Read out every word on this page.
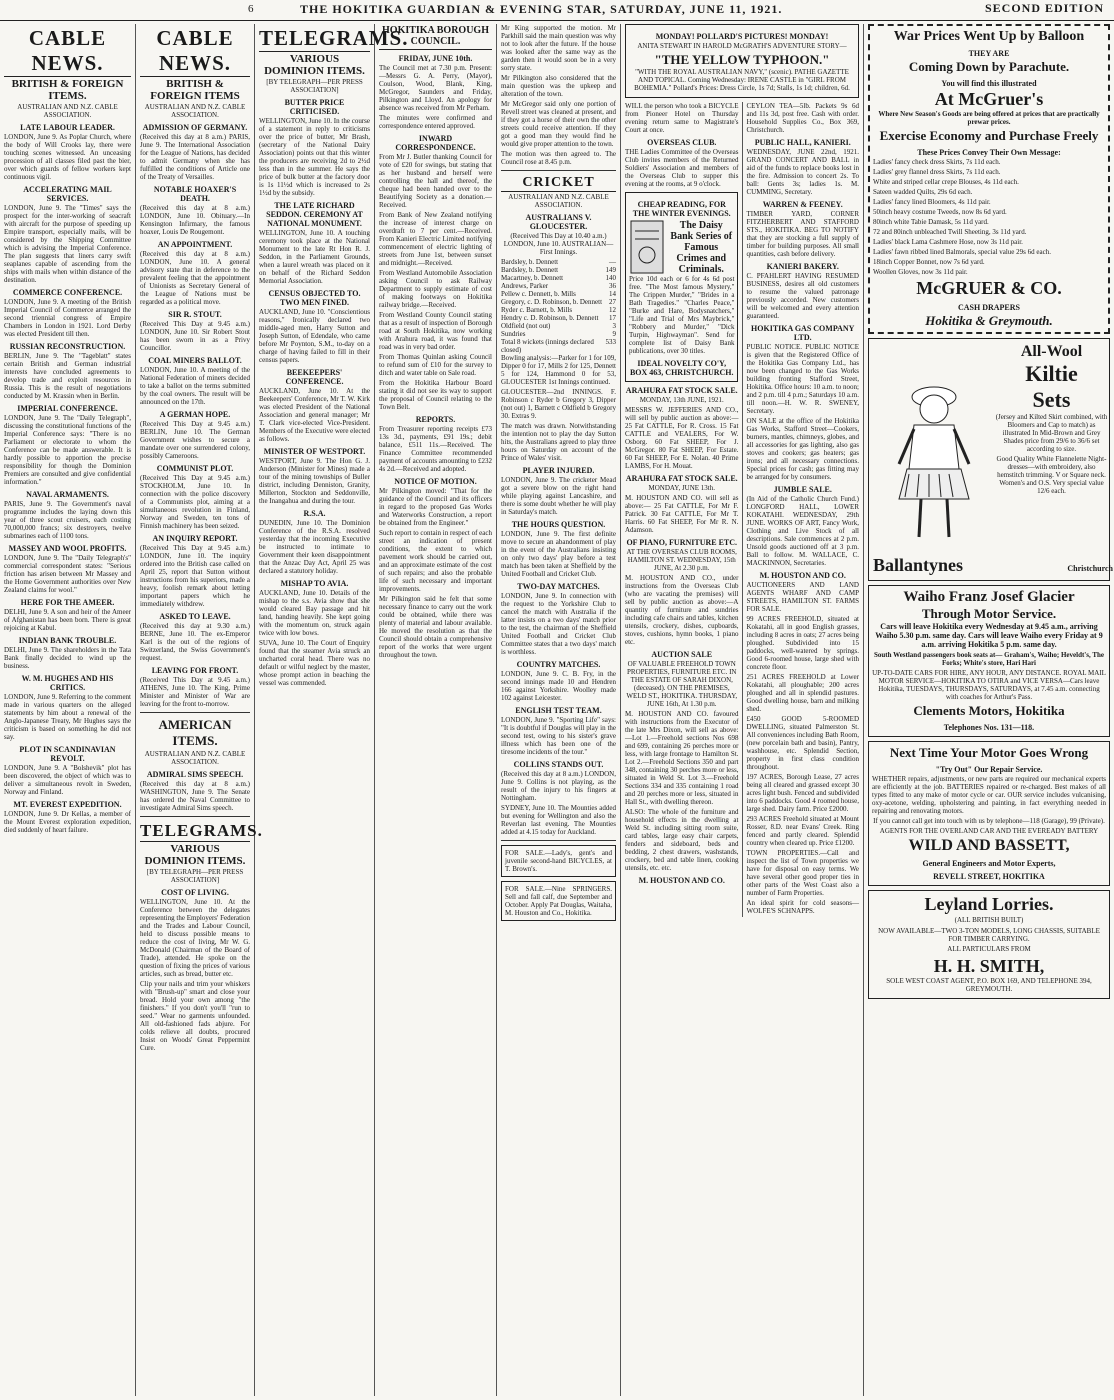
6	THE HOKITIKA GUARDIAN & EVENING STAR, SATURDAY, JUNE 11, 1921.	SECOND EDITION
CABLE NEWS.
BRITISH & FOREIGN ITEMS.
AUSTRALIAN AND N.Z. CABLE ASSOCIATION.
LATE LABOUR LEADER.
LONDON, June 9. As Poplar Church, where the body of Will Crooks lay, there were touching scenes witnessed. An unceasing procession of all classes filed past the bier, over which guards of fellow workers kept continuous vigil.
ACCELERATING MAIL SERVICES.
LONDON, June 9. The "Times" says the prospect for the inter-working of seacraft with aircraft for the purpose of speeding up Empire transport, especially mails, will be considered by the Shipping Committee which is advising the Imperial Conference. The plan suggests that liners carry swift seaplanes capable of ascending from the ships with mails when within distance of the destination.
COMMERCE CONFERENCE.
LONDON, June 9. A meeting of the British Imperial Council of Commerce arranged the second triennial congress of Empire Chambers in London in 1921. Lord Derby was elected President till then.
RUSSIAN RECONSTRUCTION.
BERLIN, June 9. The "Tageblatt" states certain British and German industrial interests have concluded agreements to develop trade and exploit resources in Russia. This is the result of negotiations conducted by M. Krassin when in Berlin.
IMPERIAL CONFERENCE.
LONDON, June 9. The "Daily Telegraph", discussing the constitutional functions of the Imperial Conference says: "There is no Parliament or electorate to whom the Conference can be made answerable. It is hardly possible to apportion the precise responsibility for though the Dominion Premiers are consulted and give confidential information."
NAVAL ARMAMENTS.
PARIS, June 9. The Government's naval programme includes the laying down this year of three scout cruisers, each costing 70,000,000 francs; six destroyers, twelve submarines each of 1100 tons.
MASSEY AND WOOL PROFITS.
LONDON, June 9. The "Daily Telegraph's" commercial correspondent states: "Serious friction has arisen between Mr Massey and the Home Government authorities over New Zealand claims for wool."
HERE FOR THE AMEER.
DELHI, June 9. A son and heir of the Ameer of Afghanistan has been born. There is great rejoicing at Kabul.
INDIAN BANK TROUBLE.
DELHI, June 9. The shareholders in the Tata Bank finally decided to wind up the business.
W. M. HUGHES AND HIS CRITICS.
LONDON, June 9. Referring to the comment made in various quarters on the alleged statements by him about a renewal of the Anglo-Japanese Treaty, Mr Hughes says the criticism is based on something he did not say.
PLOT IN SCANDINAVIAN REVOLT.
LONDON, June 9. A "Bolshevik" plot has been discovered, the object of which was to deliver a simultaneous revolt in Sweden, Norway and Finland.
MT. EVEREST EXPEDITION.
LONDON, June 9. Dr Kellas, a member of the Mount Everest exploration expedition, died suddenly of heart failure.
CABLE NEWS.
BRITISH & FOREIGN ITEMS
AUSTRALIAN AND N.Z. CABLE ASSOCIATION.
ADMISSION OF GERMANY.
(Received this day at 8 a.m.) PARIS, June 9. The International Association for the League of Nations, has decided to admit Germany when she has fulfilled the conditions of Article one of the Treaty of Versailles.
NOTABLE HOAXER'S DEATH.
(Received this day at 8 a.m.) LONDON, June 10. Obituary.—In Kensington Infirmary, the famous hoaxer, Louis De Rougemont.
AN APPOINTMENT.
(Received this day at 8 a.m.) LONDON, June 10. A general advisory state that in deference to the prevalent feeling that the appointment of Unionists as Secretary General of the League of Nations must be regarded as a political move.
SIR R. STOUT.
(Received This Day at 9.45 a.m.) LONDON, June 10. Sir Robert Stout has been sworn in as a Privy Councillor.
COAL MINERS BALLOT.
LONDON, June 10. A meeting of the National Federation of miners decided to take a ballot on the terms submitted by the coal owners. The result will be announced on the 17th.
A GERMAN HOPE.
(Received This Day at 9.45 a.m.) BERLIN, June 10. The German Government wishes to secure a mandate over one surrendered colony, possibly Cameroons.
COMMUNIST PLOT.
(Received This Day at 9.45 a.m.) STOCKHOLM, June 10. In connection with the police discovery of a Communists plot, aiming at a simultaneous revolution in Finland, Norway and Sweden, ten tons of Finnish machinery has been seized.
AN INQUIRY REPORT.
(Received This Day at 9.45 a.m.) LONDON, June 10. The inquiry ordered into the British case called on April 25, report that Sutton without instructions from his superiors, made a heavy, foolish remark about letting important papers which he immediately withdrew.
ASKED TO LEAVE.
(Received this day at 9.30 a.m.) BERNE, June 10. The ex-Emperor Karl is the out of the regions of Switzerland, the Swiss Government's request.
LEAVING FOR FRONT.
(Received This Day at 9.45 a.m.) ATHENS, June 10. The King, Prime Minister and Minister of War are leaving for the front to-morrow.
AMERICAN ITEMS.
AUSTRALIAN AND N.Z. CABLE ASSOCIATION.
ADMIRAL SIMS SPEECH.
(Received this day at 8 a.m.) WASHINGTON, June 9. The Senate has ordered the Naval Committee to investigate Admiral Sims speech.
TELEGRAMS.
VARIOUS DOMINION ITEMS.
[BY TELEGRAPH—PER PRESS ASSOCIATION]
COST OF LIVING.
WELLINGTON, June 10. At the Conference between the delegates representing the Employers' Federation and the Trades and Labour Council, held to discuss possible means to reduce the cost of living, Mr W. G. McDonald (Chairman of the Board of Trade), attended. He spoke on the question of fixing the prices of various articles, such as bread, butter etc.
Clip your nails and trim your whiskers with "Brush-up" smart and close your bread. Hold your own among "the finishers." If you don't you'll "run to seed." Wear no garments unfounded. All old-fashioned fads abjure. For colds relieve all doubts, procured Insist on Woods' Great Peppermint Cure.
TELEGRAMS.
VARIOUS DOMINION ITEMS.
[BY TELEGRAPH—PER PRESS ASSOCIATION]
BUTTER PRICE CRITICISED.
WELLINGTON, June 10. In the course of a statement in reply to criticisms over the price of butter, Mr Brash, (secretary of the National Dairy Association) points out that this winter the producers are receiving 2d to 2½d less than in the summer. He says the price of bulk butter at the factory door is 1s 11½d which is increased to 2s 1½d by the subsidy.
THE LATE RICHARD SEDDON. CEREMONY AT NATIONAL MONUMENT.
WELLINGTON, June 10. A touching ceremony took place at the National Monument to the late Rt Hon R. J. Seddon, in the Parliament Grounds, when a laurel wreath was placed on it on behalf of the Richard Seddon Memorial Association.
CENSUS OBJECTED TO. TWO MEN FINED.
AUCKLAND, June 10. "Conscientious reasons," Ironically declared two middle-aged men, Harry Sutton and Joseph Sutton, of Edendale, who came before Mr Poynton, S.M., to-day on a charge of having failed to fill in their census papers.
BEEKEEPERS' CONFERENCE.
AUCKLAND, June 10. At the Beekeepers' Conference, Mr T. W. Kirk was elected President of the National Association and general manager; Mr T. Clark vice-elected Vice-President. Members of the Executive were elected as follows.
MINISTER OF WESTPORT.
WESTPORT, June 9. The Hon G. J. Anderson (Minister for Mines) made a tour of the mining townships of Buller district, including Denniston, Granity, Millerton, Stockton and Seddonville, the Inangahua and during the tour.
R.S.A.
DUNEDIN, June 10. The Dominion Conference of the R.S.A. resolved yesterday that the incoming Executive be instructed to intimate to Government their keen disappointment that the Anzac Day Act, April 25 was declared a statutory holiday.
MISHAP TO AVIA.
AUCKLAND, June 10. Details of the mishap to the s.s. Avia show that she would cleared Bay passage and hit land, handing heavily. She kept going with the momentum on, struck again twice with low bows.
SUVA, June 10. The Court of Enquiry found that the steamer Avia struck an uncharted coral head. There was no default or wilful neglect by the master, whose prompt action in beaching the vessel was commended.
HOKITIKA BOROUGH COUNCIL.
FRIDAY, JUNE 10th.
The Council met at 7.30 p.m. Present:—Messrs G. A. Perry, (Mayor), Coulson, Wood, Blank, King, McGregor, Saunders and Friday, Pilkington and Lloyd. An apology for absence was received from Mr Perham.
The minutes were confirmed and correspondence entered approved.
INWARD CORRESPONDENCE.
From Mr J. Butler thanking Council for vote of £20 for swings, but stating that as her husband and herself were controlling the hall and thereof, the cheque had been handed over to the Beautifying Society as a donation.—Received.
From Bank of New Zealand notifying the increase of interest charge on overdraft to 7 per cent.—Received. From Kanieri Electric Limited notifying commencement of electric lighting of streets from June 1st, between sunset and midnight.—Received.
From Westland Automobile Association asking Council to ask Railway Department to supply estimate of cost of making footways on Hokitika railway bridge.—Received.
From Westland County Council stating that as a result of inspection of Borough road at South Hokitika, now working with Arahura road, it was found that road was in very bad order.
From Thomas Quinlan asking Council to refund sum of £10 for the survey to ditch and water table on Sale road.
From the Hokitika Harbour Board stating it did not see its way to support the proposal of Council relating to the Town Belt.
REPORTS.
From Treasurer reporting receipts £73 13s 3d., payments, £91 19s.; debit balance, £511 11s.—Received. The Finance Committee recommended payment of accounts amounting to £232 4s 2d.—Received and adopted.
NOTICE OF MOTION.
Mr Pilkington moved: "That for the guidance of the Council and its officers in regard to the proposed Gas Works and Waterworks Construction, a report be obtained from the Engineer."
Such report to contain in respect of each street an indication of present conditions, the extent to which pavement work should be carried out, and an approximate estimate of the cost of such repairs; and also the probable life of such necessary and important improvements.
Mr Pilkington said he felt that some necessary finance to carry out the work could be obtained, while there was plenty of material and labour available. He moved the resolution as that the Council should obtain a comprehensive report of the works that were urgent throughout the town.
Mr King supported the motion. Mr Parkhill said the main question was why not to look after the future. If the house was looked after the same way as the garden then it would soon be in a very sorry state.
Mr Pilkington also considered that the main question was the upkeep and alteration of the town.
Mr McGregor said only one portion of Revell street was cleaned at present, and if they got a horse of their own the other streets could receive attention. If they got a good man they would find he would give proper attention to the town.
The motion was then agreed to. The Council rose at 8.45 p.m.
CRICKET
AUSTRALIAN AND N.Z. CABLE ASSOCIATION.
AUSTRALIANS V. GLOUCESTER.
(Received This Day at 10.40 a.m.) LONDON, June 10. AUSTRALIAN—First Innings.
Bardsley, b. Dennett	—
Bardsley, b. Dennett	149
Macartney, b. Dennett	140
Andrews, Parker	36
Pellew c. Dennett, b. Mills	14
Gregory, c. D. Robinson, b. Dennett 27
Ryder c. Barnett, b. Mills	12
Hendry c. D. Robinson, b. Dennett 17
Oldfield (not out)	3
Sundries	9
Total 8 wickets (innings declared closed)
533
Bowling analysis:—Parker for 1 for 109, Dipper 0 for 17, Mills 2 for 125, Dennett 5 for 124, Hammond 0 for 53, GLOUCESTER 1st Innings continued.
GLOUCESTER—2nd INNINGS. F. Robinson c Ryder b Gregory 3, Dipper (not out) 1, Barnett c Oldfield b Gregory 30. Extras 9.
The match was drawn. Notwithstanding the intention not to play the day Sutton hits, the Australians agreed to play three hours on Saturday on account of the Prince of Wales' visit.
PLAYER INJURED.
LONDON, June 9. The cricketer Mead got a severe blow on the right hand while playing against Lancashire, and there is some doubt whether he will play in Saturday's match.
THE HOURS QUESTION.
LONDON, June 9. The first definite move to secure an abandonment of play in the event of the Australians insisting on only two days' play before a test match has been taken at Sheffield by the United Football and Cricket Club.
TWO-DAY MATCHES.
LONDON, June 9. In connection with the request to the Yorkshire Club to cancel the match with Australia if the latter insists on a two days' match prior to the test, the chairman of the Sheffield United Football and Cricket Club Committee states that a two days' match is worthless.
COUNTRY MATCHES.
LONDON, June 9. C. B. Fry, in the second innings made 10 and Hendren 166 against Yorkshire. Woolley made 102 against Leicester.
ENGLISH TEST TEAM.
LONDON, June 9. "Sporting Life" says: "It is doubtful if Douglas will play in the second test, owing to his sister's grave illness which has been one of the tiresome incidents of the tour."
COLLINS STANDS OUT.
(Received this day at 8 a.m.) LONDON, June 9. Collins is not playing, as the result of the injury to his fingers at Nottingham.
SYDNEY, June 10. The Mounties added but evening for Wellington and also the Reverlan last evening. The Mounties added at 4.15 today for Auckland.
FOR SALE.—Lady's, gent's and juvenile second-hand BICYCLES, at T. Brown's.
FOR SALE.—Nine SPRINGERS. Sell and fall calf, due September and October. Apply Pat Douglas, Waitaha, M. Houston and Co., Hokitika.
MONDAY! POLLARD'S PICTURES! MONDAY!
ANITA STEWART IN HAROLD McGRATH'S ADVENTURE STORY—
"THE YELLOW TYPHOON."
"WITH THE ROYAL AUSTRALIAN NAVY," (scenic). PATHE GAZETTE AND TOPICAL. Coming Wednesday: IRENE CASTLE in "GIRL FROM BOHEMIA." Pollard's Prices: Dress Circle, 1s 7d; Stalls, 1s 1d; children, 6d.
WILL the person who took a BICYCLE from Pioneer Hotel on Thursday evening return same to Magistrate's Court at once.
OVERSEAS CLUB.
THE Ladies Committee of the Overseas Club invites members of the Returned Soldiers' Association and members of the Overseas Club to supper this evening at the rooms, at 9 o'clock.
CHEAP READING, FOR THE WINTER EVENINGS.
The Daisy Bank Series of Famous Crimes and Criminals.
Price 10d each or 6 for 4s 6d post free. "The Most famous Mystery," The Crippen Murder," "Brides in a Bath Tragedies." "Charles Peace," "Burke and Hare, Bodysnatchers," "Life and Trial of Mrs Maybrick," "Robbery and Murder," "Dick Turpin, Highwayman". Send for complete list of Daisy Bank publications, over 30 titles.
IDEAL NOVELTY CO'Y, BOX 463, CHRISTCHURCH.
ARAHURA FAT STOCK SALE.
MONDAY, 13th JUNE, 1921.
MESSRS W. JEFFERIES AND CO., will sell by public auction as above:— 25 Fat CATTLE, For R. Cross. 15 Fat CATTLE and VEALERS, For W. Osborg. 60 Fat SHEEP, For J. McGregor. 80 Fat SHEEP, For Estate. 60 Fat SHEEP, For E. Nolan. 40 Prime LAMBS, For H. Mouat.
ARAHURA FAT STOCK SALE.
MONDAY, JUNE 13th.
M. HOUSTON AND CO. will sell as above:— 25 Fat CATTLE, For Mr F. Patrick. 30 Fat CATTLE, For Mr T. Harris. 60 Fat SHEEP, For Mr R. N. Adamson.
OF PIANO, FURNITURE ETC.
AT THE OVERSEAS CLUB ROOMS, HAMILTON ST. WEDNESDAY, 15th JUNE, At 2.30 p.m.
M. HOUSTON AND CO., under instructions from the Overseas Club (who are vacating the premises) will sell by public auction as above:—A quantity of furniture and sundries including cafe chairs and tables, kitchen utensils, crockery, dishes, cupboards, stoves, cushions, hymn books, 1 piano etc.
AUCTION SALE
OF VALUABLE FREEHOLD TOWN PROPERTIES, FURNITURE ETC. IN THE ESTATE OF SARAH DIXON, (deceased). ON THE PREMISES, WELD ST., HOKITIKA. THURSDAY, JUNE 16th, At 1.30 p.m.
M. HOUSTON AND CO. favoured with instructions from the Executor of the late Mrs Dixon, will sell as above:—Lot 1.—Freehold sections Nos 698 and 699, containing 26 perches more or less, with large frontage to Hamilton St. Lot 2.—Freehold Sections 350 and part 348, containing 30 perches more or less, situated in Weld St. Lot 3.—Freehold Sections 334 and 335 containing 1 road and 20 perches more or less, situated in Hall St., with dwelling thereon.
ALSO: The whole of the furniture and household effects in the dwelling at Weld St. including sitting room suite, card tables, large easy chair carpets, fenders and sideboard, beds and bedding, 2 chest drawers, washstands, crockery, bed and table linen, cooking utensils, etc. etc.
M. HOUSTON AND CO.
CEYLON TEA—5lb. Packets 9s 6d and 11s 3d, post free. Cash with order. Household Supplies Co., Box 369, Christchurch.
PUBLIC HALL, KANIERI.
WEDNESDAY, JUNE 22nd, 1921. GRAND CONCERT AND BALL in aid of the funds to replace books lost in the fire. Admission to concert 2s. To ball: Gents 3s; ladies 1s. M. CUMMING, Secretary.
WARREN & FEENEY.
TIMBER YARD, CORNER FITZHERBERT AND STAFFORD STS., HOKITIKA. BEG TO NOTIFY that they are stocking a full supply of timber for building purposes. All small quantities, cash before delivery.
KANIERI BAKERY.
C. PFAHLERT HAVING RESUMED BUSINESS, desires all old customers to resume the valued patronage previously accorded. New customers will be welcomed and every attention guaranteed.
HOKITIKA GAS COMPANY LTD.
PUBLIC NOTICE. PUBLIC NOTICE is given that the Registered Office of the Hokitika Gas Company Ltd., has now been changed to the Gas Works building fronting Stafford Street, Hokitika. Office hours: 10 a.m. to noon; and 2 p.m. till 4 p.m.; Saturdays 10 a.m. till noon.—H. W. R. SWENEY, Secretary.
ON SALE at the office of the Hokitika Gas Works, Stafford Street—Cookers, burners, mantles, chimneys, globes, and all accessories for gas lighting, also gas stoves and cookers; gas heaters; gas irons; and all necessary connections. Special prices for cash; gas fitting may be arranged for by consumers.
JUMBLE SALE.
(In Aid of the Catholic Church Fund.) LONGFORD HALL, LOWER KOKATAHI. WEDNESDAY, 29th JUNE. WORKS OF ART, Fancy Work, Clothing and Live Stock of all descriptions. Sale commences at 2 p.m. Unsold goods auctioned off at 3 p.m. Ball to follow. M. WALLACE, C. MACKINNON, Secretaries.
M. HOUSTON AND CO.
AUCTIONEERS AND LAND AGENTS WHARF AND CAMP STREETS, HAMILTON ST. FARMS FOR SALE.
99 ACRES FREEHOLD, situated at Kokatahi, all in good English grasses, including 8 acres in oats; 27 acres being ploughed. Subdivided into 15 paddocks, well-watered by springs. Good 6-roomed house, large shed with concrete floor.
251 ACRES FREEHOLD at Lower Kokatahi, all ploughable; 200 acres ploughed and all in splendid pastures. Good dwelling house, barn and milking shed.
£450 GOOD 5-ROOMED DWELLING, situated Palmerston St. All conveniences including Bath Room, (new porcelain bath and basin), Pantry, washhouse, etc. Splendid Section, property in first class condition throughout.
197 ACRES, Borough Lease, 27 acres being all cleared and grassed except 30 acres light bush. Fenced and subdivided into 6 paddocks. Good 4 roomed house, large shed. Dairy farm. Price £2000.
293 ACRES Freehold situated at Mount Rosser, 8.D. near Evans' Creek. Ring fenced and partly cleared. Splendid country when cleared up. Price £1200.
TOWN PROPERTIES.—Call and inspect the list of Town properties we have for disposal on easy terms. We have several other good proper ties in other parts of the West Coast also a number of Farm Properties.
An ideal spirit for cold seasons—WOLFE'S SCHNAPPS.
War Prices Went Up by Balloon
THEY ARE
Coming Down by Parachute.
You will find this illustrated
At McGruer's
Where New Season's Goods are being offered at prices that are practically prewar prices.
Exercise Economy and Purchase Freely
These Prices Convey Their Own Message:
Ladies' fancy check dress Skirts, 7s 11d each.
Ladies' grey flannel dress Skirts, 7s 11d each.
White and striped cellar crepe Blouses, 4s 11d each.
Sateen wadded Quilts, 29s 6d each.
Ladies' fancy lined Bloomers, 4s 11d pair.
50inch heavy costume Tweeds, now 8s 6d yard.
80inch white Tabie Damask, 5s 11d yard.
72 and 80inch unbleached Twill Sheeting, 3s 11d yard.
Ladies' black Lama Cashmere Hose, now 3s 11d pair.
Ladies' fawn ribbed lined Balmorals, special value 29s 6d each.
18inch Copper Bonnet, now 7s 6d yard.
Woollen Gloves, now 3s 11d pair.
McGRUER & CO.
CASH DRAPERS
Hokitika & Greymouth.
All-Wool
Kiltie
Sets
(Jersey and Kilted Skirt combined, with Bloomers and Cap to match) as illustrated In Mid-Brown and Grey Shades price from 29/6 to 36/6 set according to size.
Good Quality White Flannelette Night-dresses—with embroidery, also hemstitch trimming. V or Square neck. Women's and O.S. Very special value 12/6 each.
Ballantynes	Christchurch
Waiho Franz Josef Glacier
Through Motor Service.
Cars will leave Hokitika every Wednesday at 9.45 a.m., arriving Waiho 5.30 p.m. same day. Cars will leave Waiho every Friday at 9 a.m. arriving Hokitika 5 p.m. same day.
South Westland passengers book seats at— Graham's, Waiho; Heveldt's, The Forks; White's store, Hari Hari
UP-TO-DATE CARS FOR HIRE, ANY HOUR, ANY DISTANCE. ROYAL MAIL MOTOR SERVICE—HOKITIKA TO OTIRA and VICE VERSA—Cars leave Hokitika, TUESDAYS, THURSDAYS, SATURDAYS, at 7.45 a.m. connecting with coaches for Arthur's Pass.
Clements Motors, Hokitika
Telephones Nos. 131—118.
Next Time Your Motor Goes Wrong
"Try Out" Our Repair Service.
WHETHER repairs, adjustments, or new parts are required our mechanical experts are efficiently at the job. BATTERIES repaired or re-charged. Best makes of all types fitted to any make of motor cycle or car. OUR service includes vulcanising, oxy-acetone, welding, upholstering and painting, in fact everything needed in repairing and renovating motors.
If you cannot call get into touch with us by telephone—118 (Garage), 99 (Private).
AGENTS FOR THE OVERLAND CAR AND THE EVEREADY BATTERY
WILD AND BASSETT,
General Engineers and Motor Experts,
REVELL STREET, HOKITIKA
Leyland Lorries.
(ALL BRITISH BUILT)
NOW AVAILABLE—TWO 3-TON MODELS, LONG CHASSIS, SUITABLE FOR TIMBER CARRYING.
ALL PARTICULARS FROM
H. H. SMITH,
SOLE WEST COAST AGENT, P.O. BOX 169, AND TELEPHONE 394, GREYMOUTH.
